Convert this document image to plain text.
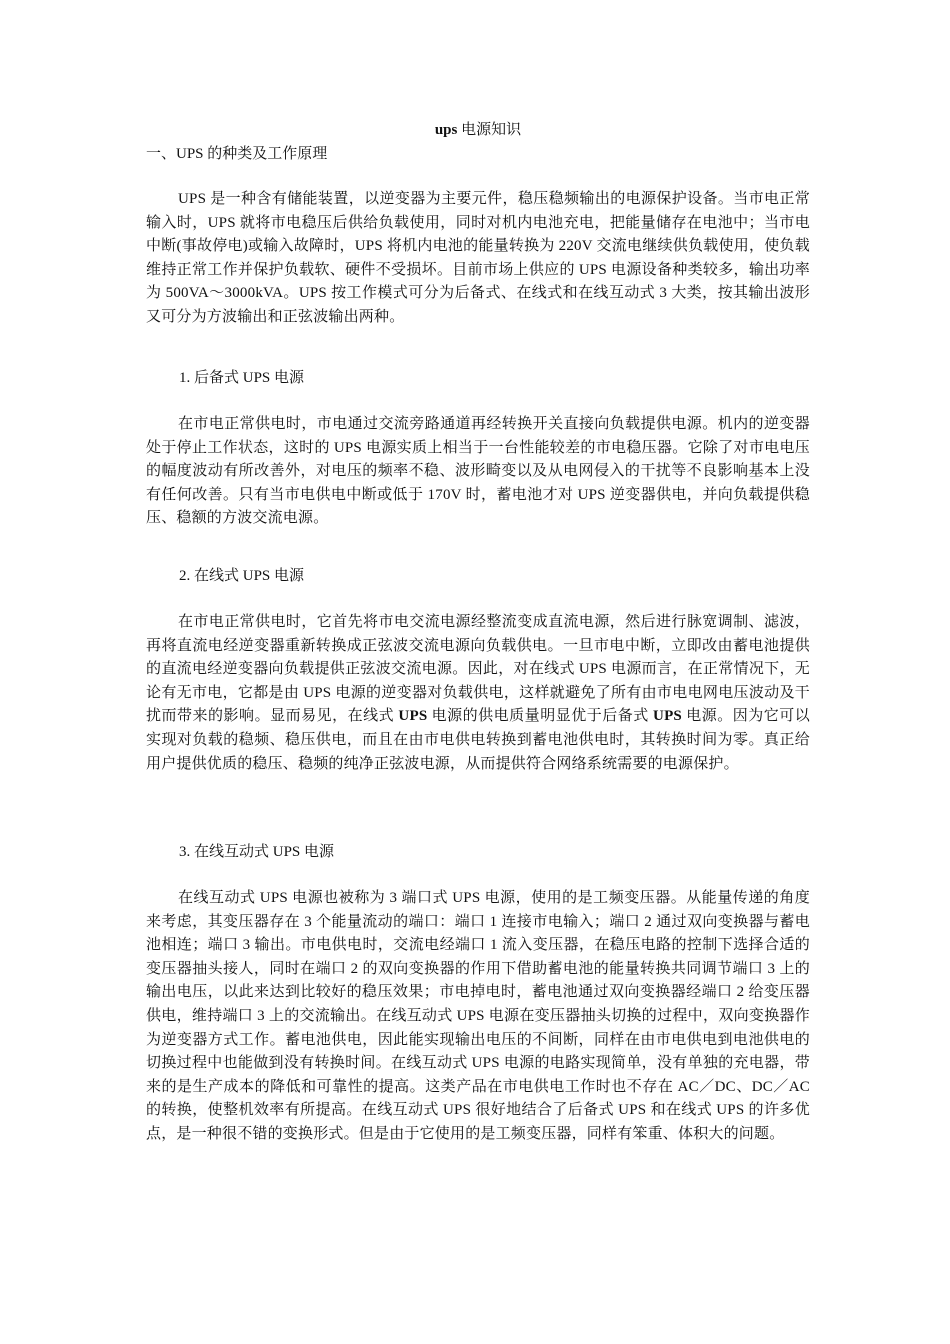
ups 电源知识
一、UPS 的种类及工作原理

UPS 是一种含有储能装置，以逆变器为主要元件，稳压稳频输出的电源保护设备。当市电正常输入时，UPS 就将市电稳压后供给负载使用，同时对机内电池充电，把能量储存在电池中；当市电中断(事故停电)或输入故障时，UPS 将机内电池的能量转换为 220V 交流电继续供负载使用，使负载维持正常工作并保护负载软、硬件不受损坏。目前市场上供应的 UPS 电源设备种类较多，输出功率为 500VA～3000kVA。UPS 按工作模式可分为后备式、在线式和在线互动式 3 大类，按其输出波形又可分为方波输出和正弦波输出两种。

1. 后备式 UPS 电源

在市电正常供电时，市电通过交流旁路通道再经转换开关直接向负载提供电源。机内的逆变器处于停止工作状态，这时的 UPS 电源实质上相当于一台性能较差的市电稳压器。它除了对市电电压的幅度波动有所改善外，对电压的频率不稳、波形畸变以及从电网侵入的干扰等不良影响基本上没有任何改善。只有当市电供电中断或低于 170V 时，蓄电池才对 UPS 逆变器供电，并向负载提供稳压、稳额的方波交流电源。

2. 在线式 UPS 电源

在市电正常供电时，它首先将市电交流电源经整流变成直流电源，然后进行脉宽调制、滤波，再将直流电经逆变器重新转换成正弦波交流电源向负载供电。一旦市电中断，立即改由蓄电池提供的直流电经逆变器向负载提供正弦波交流电源。因此，对在线式 UPS 电源而言，在正常情况下，无论有无市电，它都是由 UPS 电源的逆变器对负载供电，这样就避免了所有由市电电网电压波动及干扰而带来的影响。显而易见，在线式 UPS 电源的供电质量明显优于后备式 UPS 电源。因为它可以实现对负载的稳频、稳压供电，而且在由市电供电转换到蓄电池供电时，其转换时间为零。真正给用户提供优质的稳压、稳频的纯净正弦波电源，从而提供符合网络系统需要的电源保护。

3. 在线互动式 UPS 电源

在线互动式 UPS 电源也被称为 3 端口式 UPS 电源，使用的是工频变压器。从能量传递的角度来考虑，其变压器存在 3 个能量流动的端口：端口 1 连接市电输入；端口 2 通过双向变换器与蓄电池相连；端口 3 输出。市电供电时，交流电经端口 1 流入变压器，在稳压电路的控制下选择合适的变压器抽头接人，同时在端口 2 的双向变换器的作用下借助蓄电池的能量转换共同调节端口 3 上的输出电压，以此来达到比较好的稳压效果；市电掉电时，蓄电池通过双向变换器经端口 2 给变压器供电，维持端口 3 上的交流输出。在线互动式 UPS 电源在变压器抽头切换的过程中，双向变换器作为逆变器方式工作。蓄电池供电，因此能实现输出电压的不间断，同样在由市电供电到电池供电的切换过程中也能做到没有转换时间。在线互动式 UPS 电源的电路实现简单，没有单独的充电器，带来的是生产成本的降低和可靠性的提高。这类产品在市电供电工作时也不存在 AC／DC、DC／AC 的转换，使整机效率有所提高。在线互动式 UPS 很好地结合了后备式 UPS 和在线式 UPS 的许多优点，是一种很不错的变换形式。但是由于它使用的是工频变压器，同样有笨重、体积大的问题。
